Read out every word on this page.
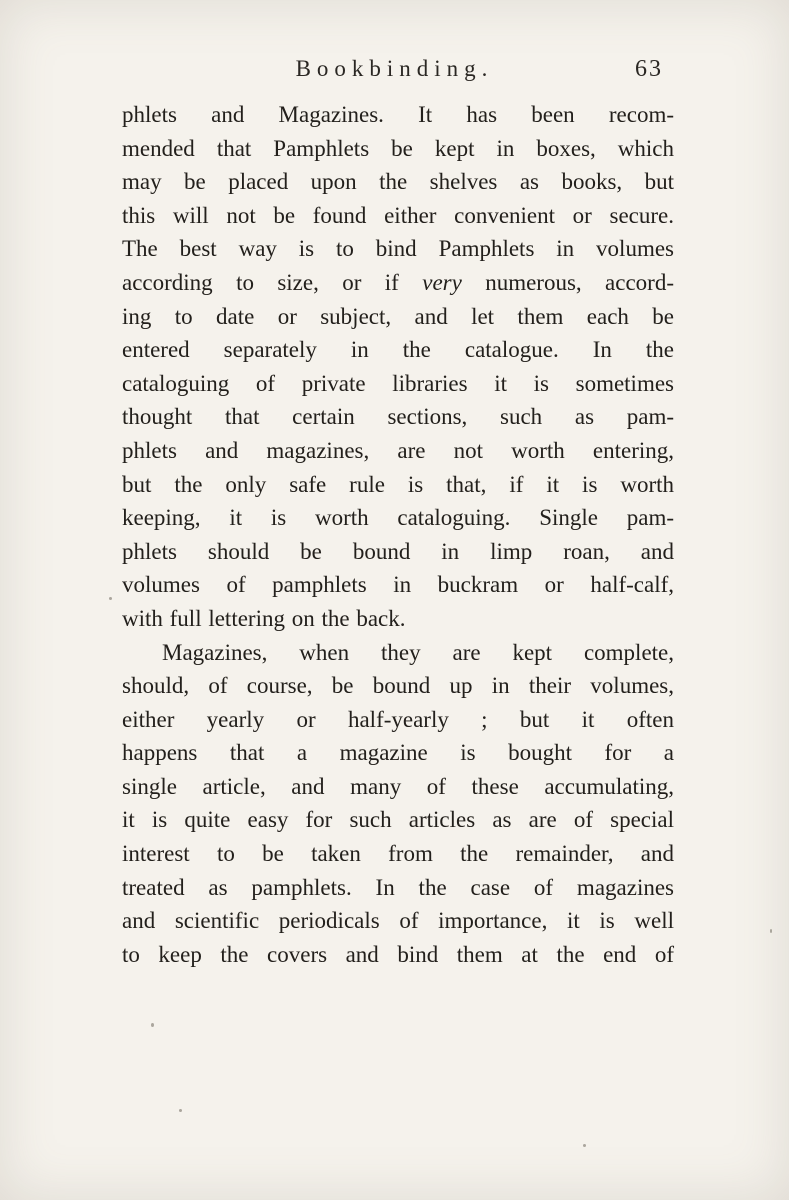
Bookbinding.	63
phlets and Magazines. It has been recom-
mended that Pamphlets be kept in boxes, which
may be placed upon the shelves as books, but
this will not be found either convenient or secure.
The best way is to bind Pamphlets in volumes
according to size, or if very numerous, accord-
ing to date or subject, and let them each be
entered separately in the catalogue. In the
cataloguing of private libraries it is sometimes
thought that certain sections, such as pam-
phlets and magazines, are not worth entering,
but the only safe rule is that, if it is worth
keeping, it is worth cataloguing. Single pam-
phlets should be bound in limp roan, and
volumes of pamphlets in buckram or half-calf,
with full lettering on the back.
Magazines, when they are kept complete,
should, of course, be bound up in their volumes,
either yearly or half-yearly ; but it often
happens that a magazine is bought for a
single article, and many of these accumulating,
it is quite easy for such articles as are of special
interest to be taken from the remainder, and
treated as pamphlets. In the case of magazines
and scientific periodicals of importance, it is well
to keep the covers and bind them at the end of
